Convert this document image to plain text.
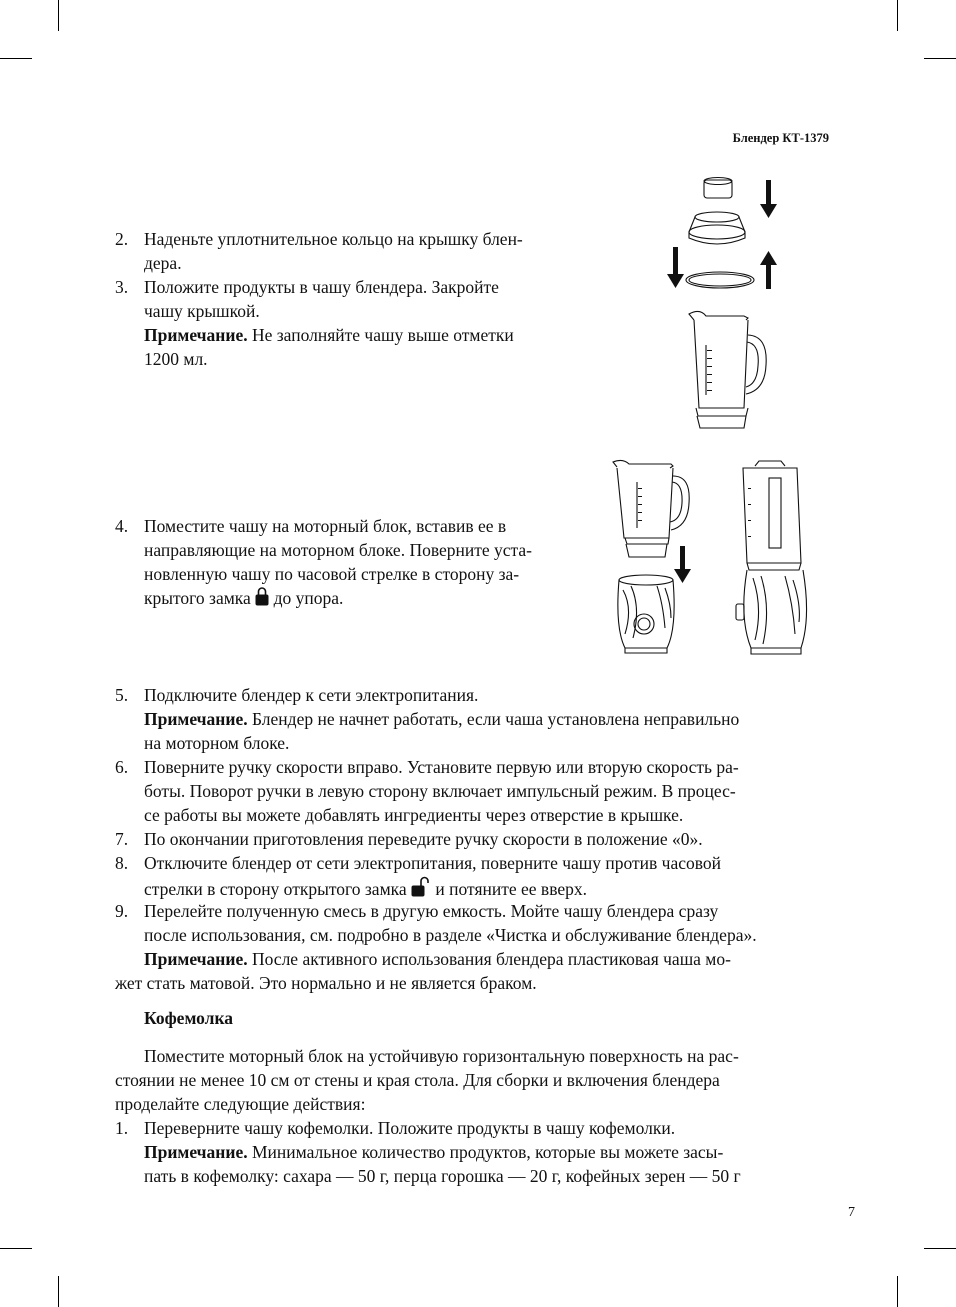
Блендер КТ-1379
2. Наденьте уплотнительное кольцо на крышку блен-
дера.
3. Положите продукты в чашу блендера. Закройте
чашу крышкой.
Примечание. Не заполняйте чашу выше отметки
1200 мл.
4. Поместите чашу на моторный блок, вставив ее в
направляющие на моторном блоке. Поверните уста-
новленную чашу по часовой стрелке в сторону за-
крытого замка  до упора.
5. Подключите блендер к сети электропитания.
Примечание. Блендер не начнет работать, если чаша установлена неправильно
на моторном блоке.
6. Поверните ручку скорости вправо. Установите первую или вторую скорость ра-
боты. Поворот ручки в левую сторону включает импульсный режим. В процес-
се работы вы можете добавлять ингредиенты через отверстие в крышке.
7. По окончании приготовления переведите ручку скорости в положение «0».
8. Отключите блендер от сети электропитания, поверните чашу против часовой
стрелки в сторону открытого замка  и потяните ее вверх.
9. Перелейте полученную смесь в другую емкость. Мойте чашу блендера сразу
после использования, см. подробно в разделе «Чистка и обслуживание блендера».
Примечание. После активного использования блендера пластиковая чаша мо-
жет стать матовой. Это нормально и не является браком.
Кофемолка
Поместите моторный блок на устойчивую горизонтальную поверхность на рас-
стоянии не менее 10 см от стены и края стола. Для сборки и включения блендера
проделайте следующие действия:
1. Переверните чашу кофемолки. Положите продукты в чашу кофемолки.
Примечание. Минимальное количество продуктов, которые вы можете засы-
пать в кофемолку: сахара — 50 г, перца горошка — 20 г, кофейных зерен — 50 г
7
